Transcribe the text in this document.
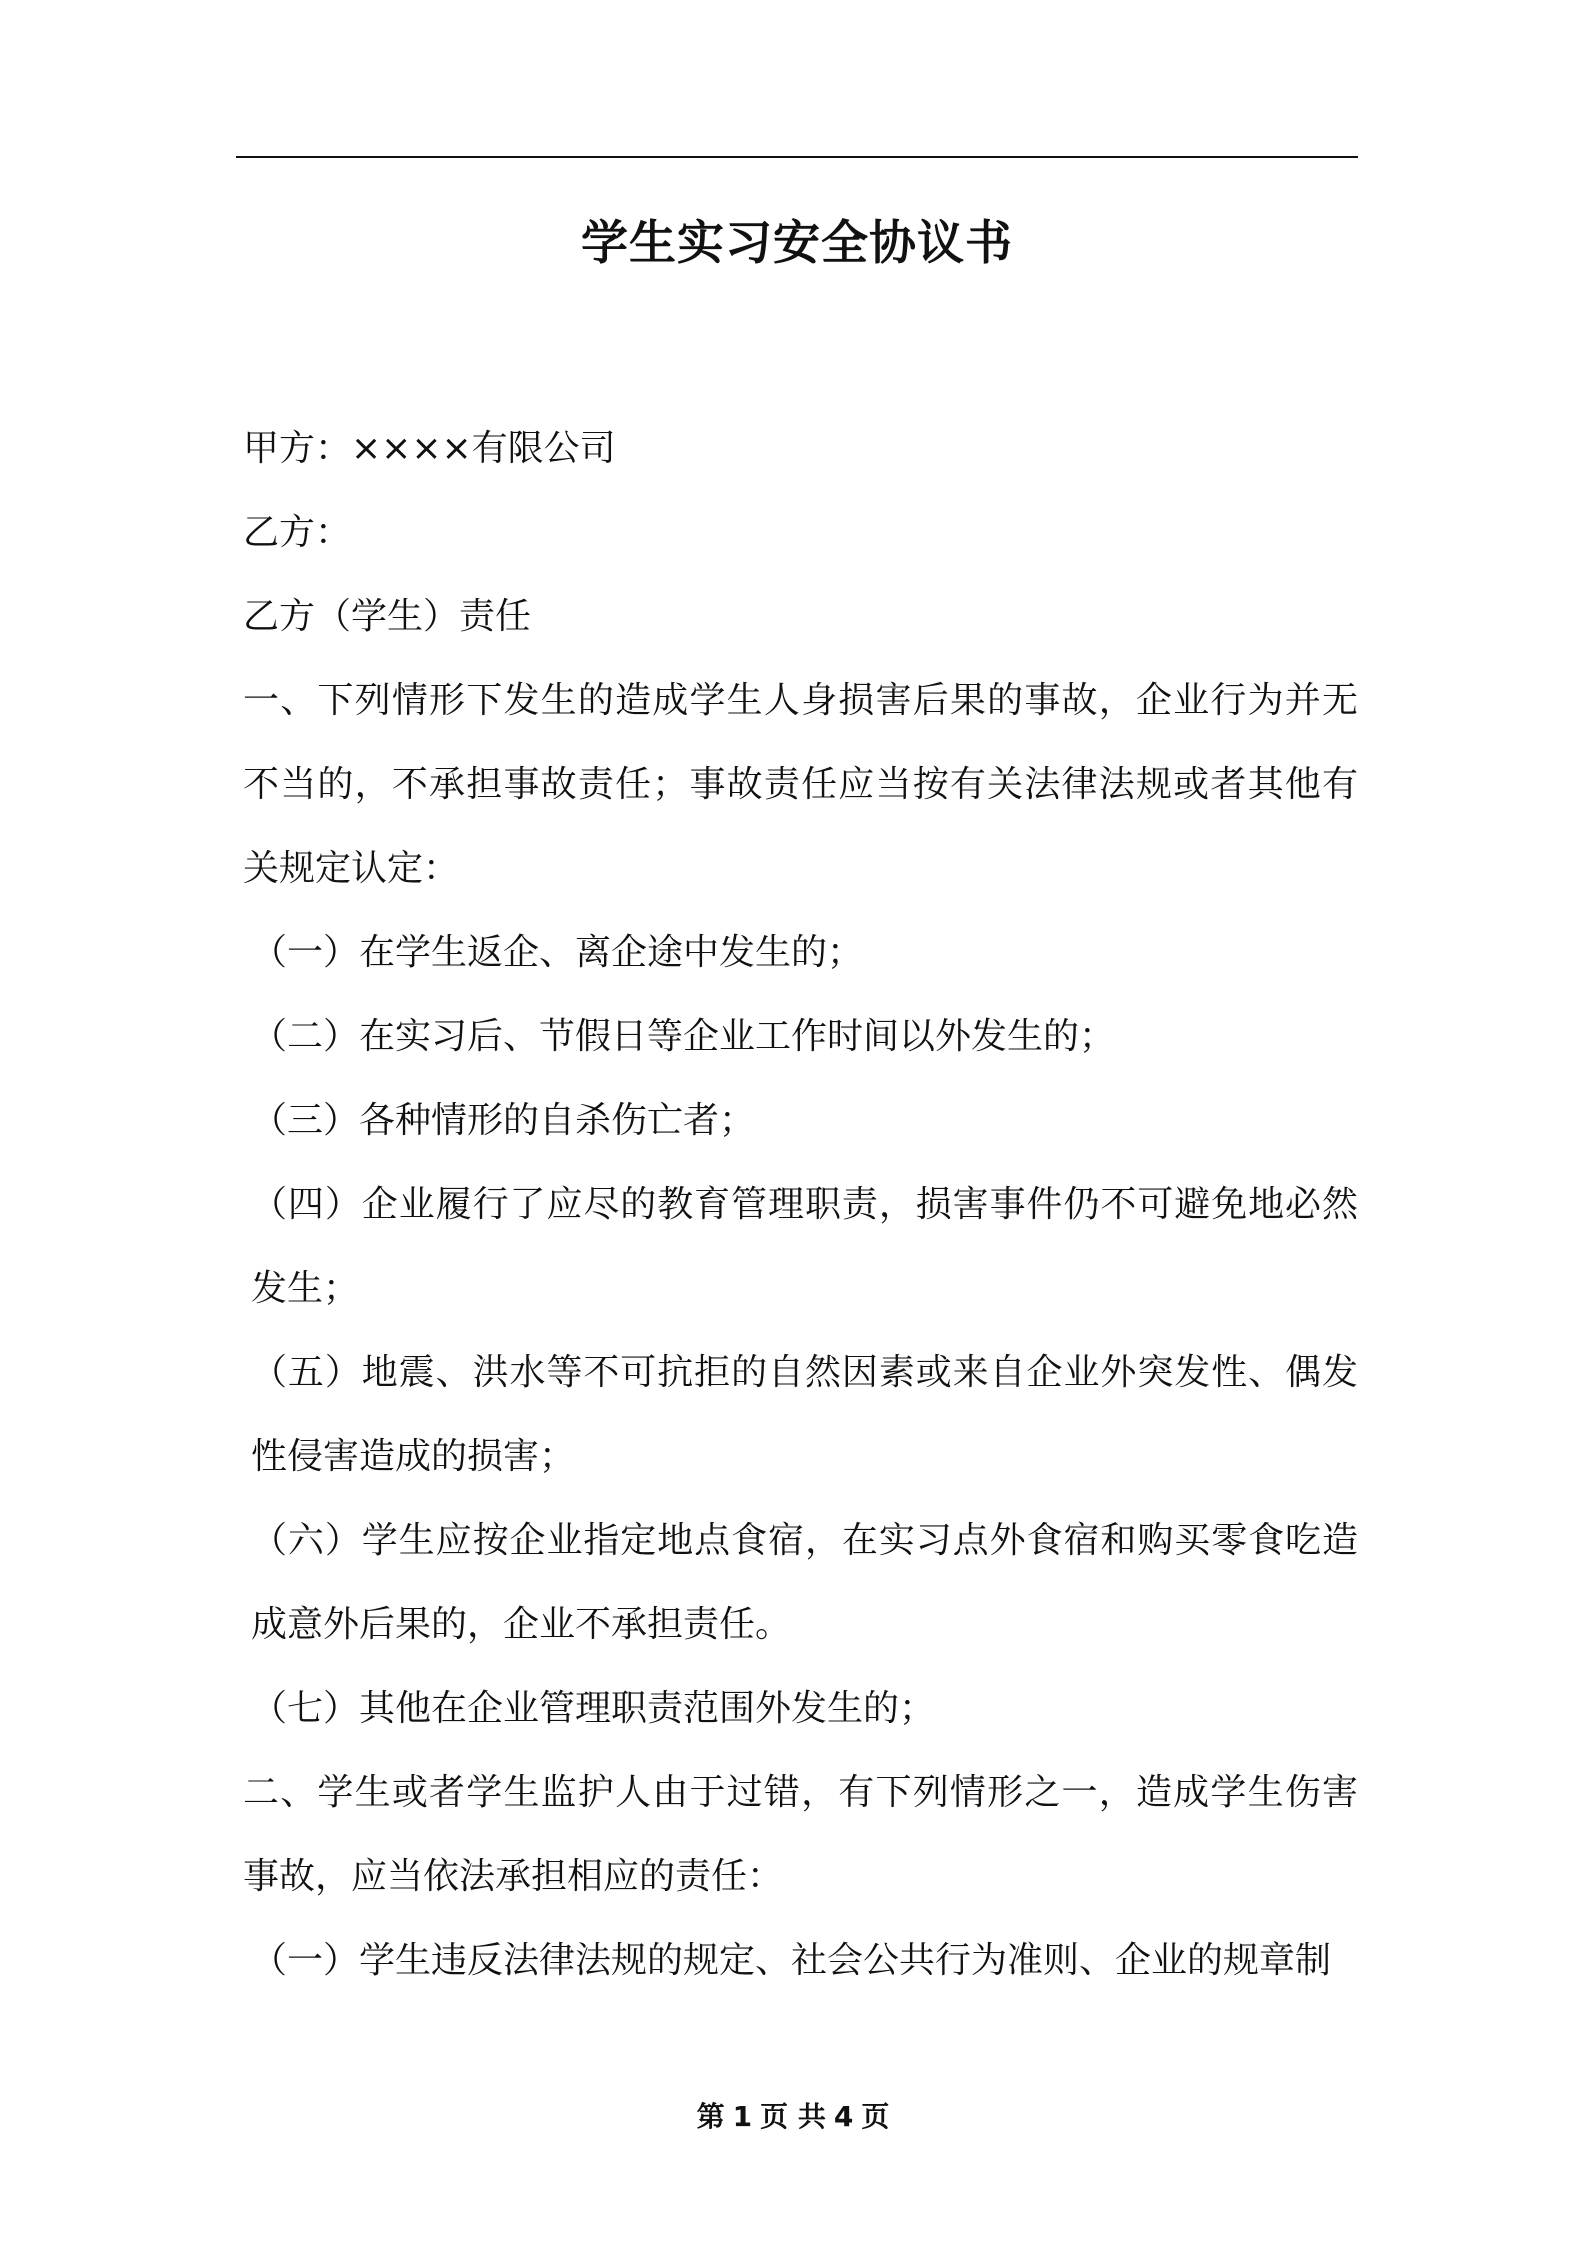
学生实习安全协议书

甲方：××××有限公司

乙方：

乙方（学生）责任

一、下列情形下发生的造成学生人身损害后果的事故，企业行为并无不当的，不承担事故责任；事故责任应当按有关法律法规或者其他有关规定认定：

（一）在学生返企、离企途中发生的；

（二）在实习后、节假日等企业工作时间以外发生的；

（三）各种情形的自杀伤亡者；

（四）企业履行了应尽的教育管理职责，损害事件仍不可避免地必然发生；

（五）地震、洪水等不可抗拒的自然因素或来自企业外突发性、偶发性侵害造成的损害；

（六）学生应按企业指定地点食宿，在实习点外食宿和购买零食吃造成意外后果的，企业不承担责任。

（七）其他在企业管理职责范围外发生的；

二、学生或者学生监护人由于过错，有下列情形之一，造成学生伤害事故，应当依法承担相应的责任：

（一）学生违反法律法规的规定、社会公共行为准则、企业的规章制

第 1 页 共 4 页
